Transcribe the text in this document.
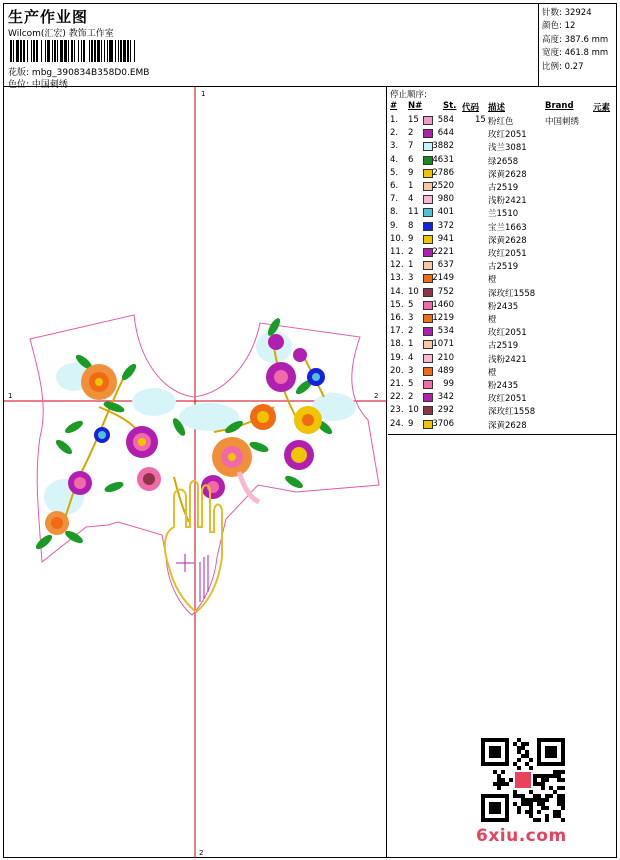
生产作业图
Wilcom(汇宏) 教饰工作室
花版: mbg_390834B358D0.EMB
色位: 中国刺绣
针数: 32924
颜色: 12
高度: 387.6 mm
宽度: 461.8 mm
比例: 0.27
1
1	2
2
停止顺序:
# N# St. 代码 描述	Brand 元素
1. 15	584 15 粉红色	中国刺绣
2. 2	644	玫红2051
3. 7	3882	浅兰3081
4. 6	4631	绿2658
5. 9	2786	深黄2628
6. 1	2520	古2519
7. 4	980	浅粉2421
8. 11	401	兰1510
9. 8	372	宝兰1663
10. 9	941	深黄2628
11. 2	2221	玫红2051
12. 1	637	古2519
13. 3	2149	橙
14. 10	752	深玫红1558
15. 5	1460	粉2435
16. 3	1219	橙
17. 2	534	玫红2051
18. 1	1071	古2519
19. 4	210	浅粉2421
20. 3	489	橙
21. 5	99	粉2435
22. 2	342	玫红2051
23. 10	292	深玫红1558
24. 9	3706	深黄2628
6xiu.com
